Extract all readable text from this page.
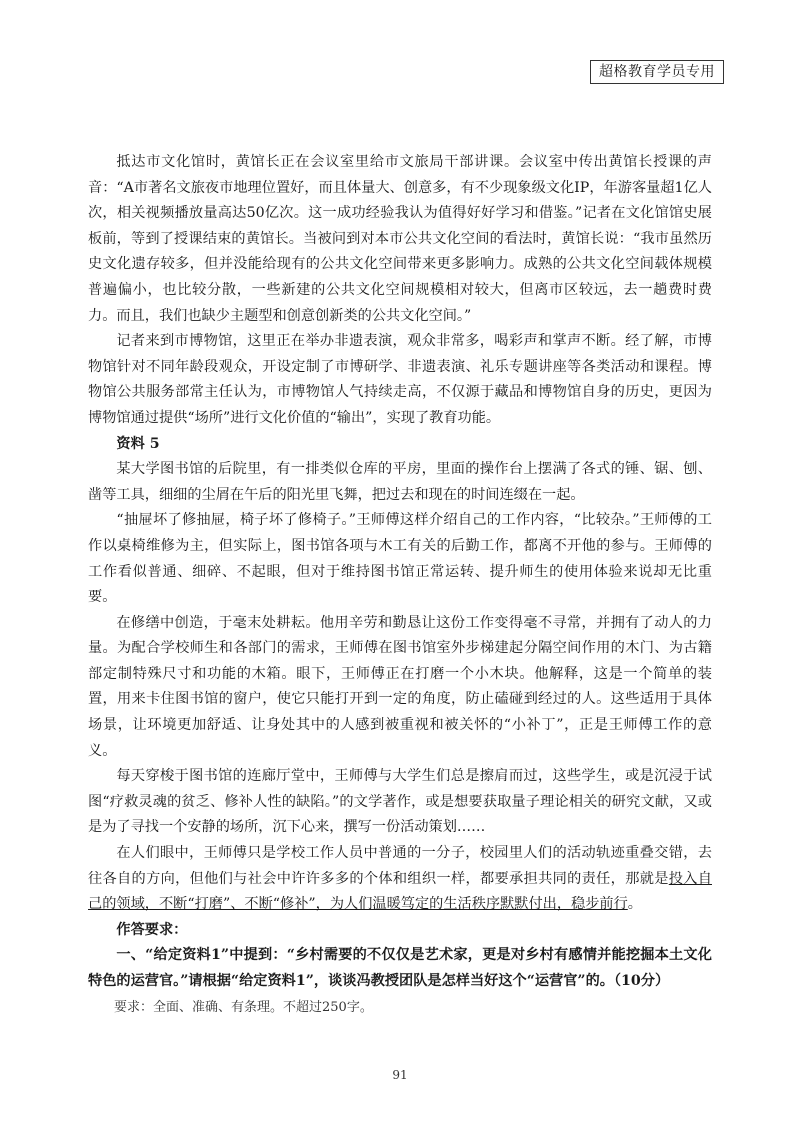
超格教育学员专用

抵达市文化馆时，黄馆长正在会议室里给市文旅局干部讲课。会议室中传出黄馆长授课的声音：“A市著名文旅夜市地理位置好，而且体量大、创意多，有不少现象级文化IP，年游客量超1亿人次，相关视频播放量高达50亿次。这一成功经验我认为值得好好学习和借鉴。”记者在文化馆馆史展板前，等到了授课结束的黄馆长。当被问到对本市公共文化空间的看法时，黄馆长说：“我市虽然历史文化遗存较多，但并没能给现有的公共文化空间带来更多影响力。成熟的公共文化空间载体规模普遍偏小，也比较分散，一些新建的公共文化空间规模相对较大，但离市区较远，去一趟费时费力。而且，我们也缺少主题型和创意创新类的公共文化空间。”

记者来到市博物馆，这里正在举办非遗表演，观众非常多，喝彩声和掌声不断。经了解，市博物馆针对不同年龄段观众，开设定制了市博研学、非遗表演、礼乐专题讲座等各类活动和课程。博物馆公共服务部常主任认为，市博物馆人气持续走高，不仅源于藏品和博物馆自身的历史，更因为博物馆通过提供“场所”进行文化价值的“输出”，实现了教育功能。

资料 5

某大学图书馆的后院里，有一排类似仓库的平房，里面的操作台上摆满了各式的锤、锯、刨、凿等工具，细细的尘屑在午后的阳光里飞舞，把过去和现在的时间连缀在一起。

“抽屉坏了修抽屉，椅子坏了修椅子。”王师傅这样介绍自己的工作内容，“比较杂。”王师傅的工作以桌椅维修为主，但实际上，图书馆各项与木工有关的后勤工作，都离不开他的参与。王师傅的工作看似普通、细碎、不起眼，但对于维持图书馆正常运转、提升师生的使用体验来说却无比重要。

在修缮中创造，于毫末处耕耘。他用辛劳和勤恳让这份工作变得毫不寻常，并拥有了动人的力量。为配合学校师生和各部门的需求，王师傅在图书馆室外步梯建起分隔空间作用的木门、为古籍部定制特殊尺寸和功能的木箱。眼下，王师傅正在打磨一个小木块。他解释，这是一个简单的装置，用来卡住图书馆的窗户，使它只能打开到一定的角度，防止磕碰到经过的人。这些适用于具体场景，让环境更加舒适、让身处其中的人感到被重视和被关怀的“小补丁”，正是王师傅工作的意义。

每天穿梭于图书馆的连廊厅堂中，王师傅与大学生们总是擦肩而过，这些学生，或是沉浸于试图“疗救灵魂的贫乏、修补人性的缺陷。”的文学著作，或是想要获取量子理论相关的研究文献，又或是为了寻找一个安静的场所，沉下心来，撰写一份活动策划……

在人们眼中，王师傅只是学校工作人员中普通的一分子，校园里人们的活动轨迹重叠交错，去往各自的方向，但他们与社会中许许多多的个体和组织一样，都要承担共同的责任，那就是投入自己的领域，不断“打磨”、不断“修补”，为人们温暖笃定的生活秩序默默付出，稳步前行。

作答要求：

一、“给定资料1”中提到：“乡村需要的不仅仅是艺术家，更是对乡村有感情并能挖掘本土文化特色的运营官。”请根据“给定资料1”，谈谈冯教授团队是怎样当好这个“运营官”的。（10分）

要求：全面、准确、有条理。不超过250字。

91
